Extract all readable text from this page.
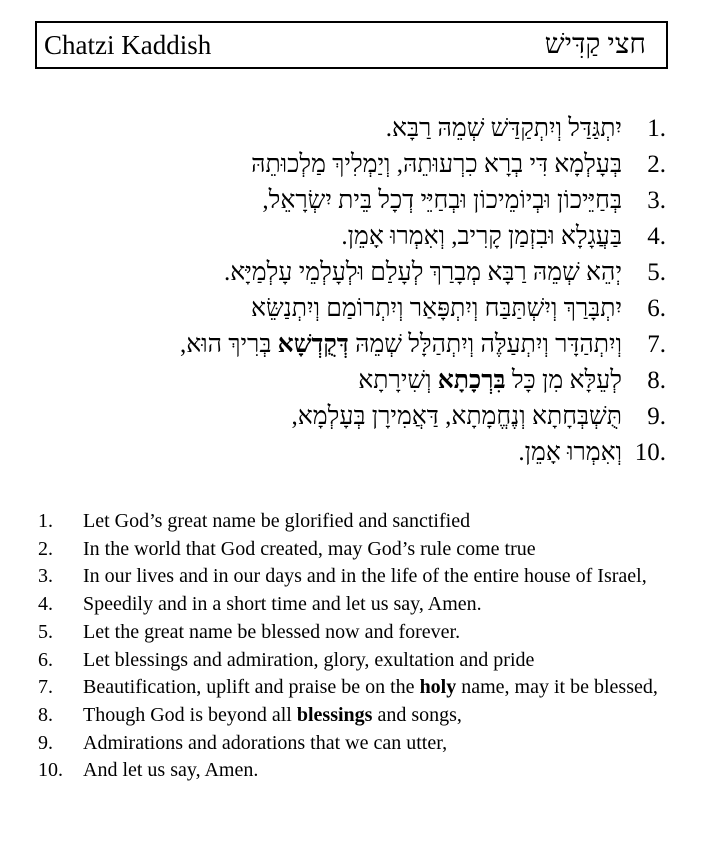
Chatzi Kaddish	חצי קַדִּישׁ
יִתְגַּדַּל וְיִתְקַדַּשׁ שְׁמֵהּ רַבָּא.	1.
בְּעָלְמָא דִּי בְרָא כִרְעוּתֵהּ, וְיַמְלִיךְ מַלְכוּתֵהּ	2.
בְּחַיֵּיכוֹן וּבְיוֹמֵיכוֹן וּבְחַיֵּי דְכָל בֵּית יִשְׂרָאֵל,	3.
בַּעֲגָלָא וּבִזְמַן קָרִיב, וְאִמְרוּ אָמֵן.	4.
יְהֵא שְׁמֵהּ רַבָּא מְבָרַךְ לְעָלַם וּלְעָלְמֵי עָלְמַיָּא.	5.
יִתְבָּרַךְ וְיִשְׁתַּבַּח וְיִתְפָּאַר וְיִתְרוֹמַם וְיִתְנַשֵּׂא	6.
וְיִתְהַדָּר וְיִתְעַלֶּה וְיִתְהַלָּל שְׁמֵהּ דְּקֻדְשָׁא בְּרִיךְ הוּא,	7.
לְעֵלָּא מִן כָּל בִּרְכָתָא וְשִׁירָתָא	8.
תֻּשְׁבְּחָתָא וְנֶחֱמָתָא, דַּאֲמִירָן בְּעָלְמָא,	9.
וְאִמְרוּ אָמֵן. 10.
1.	Let God’s great name be glorified and sanctified
2.	In the world that God created, may God’s rule come true
3.	In our lives and in our days and in the life of the entire house of Israel,
4.	Speedily and in a short time and let us say, Amen.
5.	Let the great name be blessed now and forever.
6.	Let blessings and admiration, glory, exultation and pride
7.	Beautification, uplift and praise be on the holy name, may it be blessed,
8.	Though God is beyond all blessings and songs,
9.	Admirations and adorations that we can utter,
10.	And let us say, Amen.
